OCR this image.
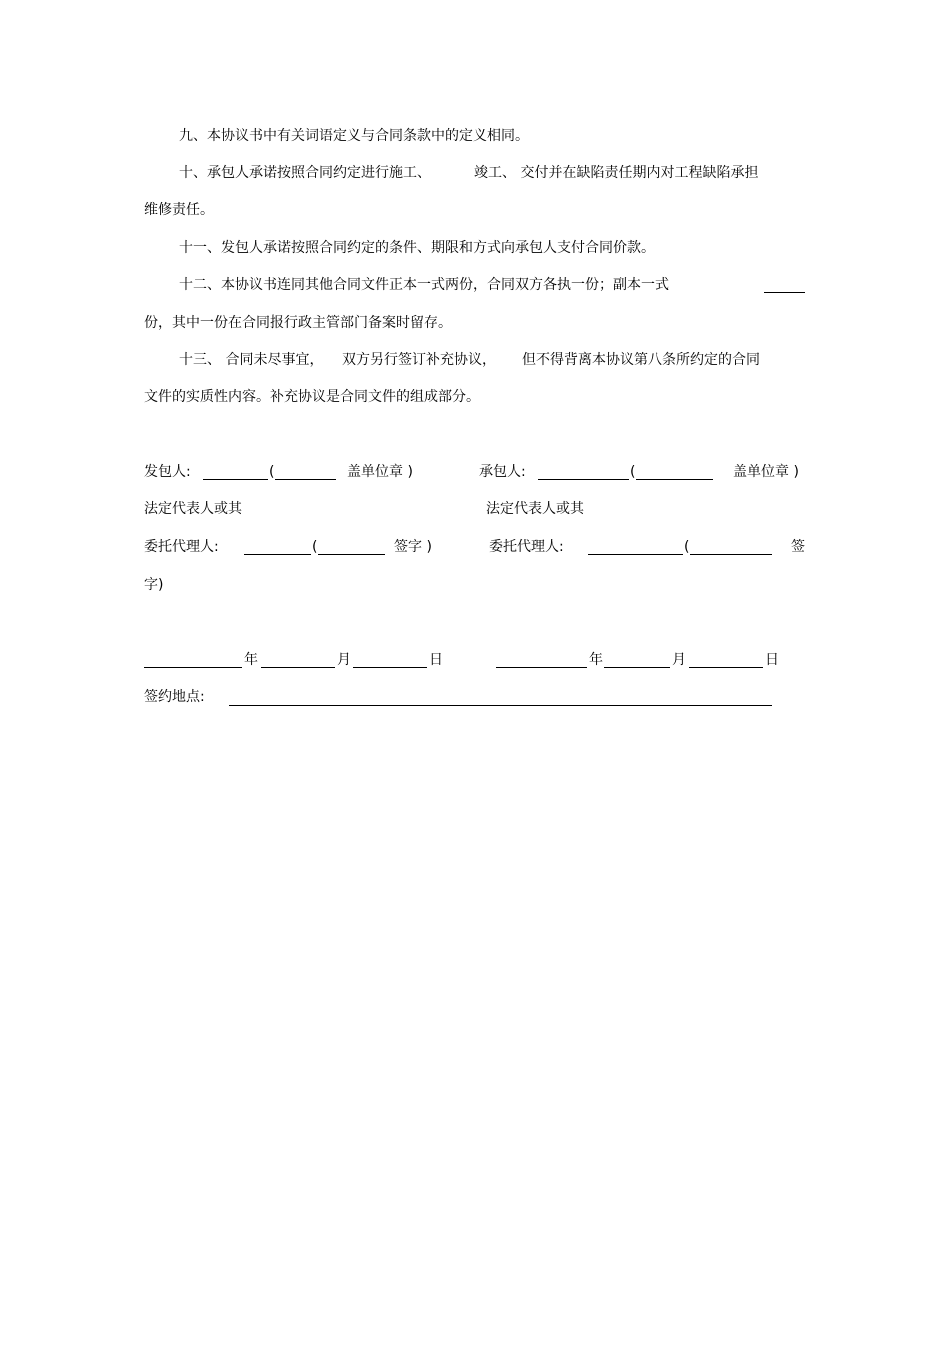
九、本协议书中有关词语定义与合同条款中的定义相同。
十、承包人承诺按照合同约定进行施工、	竣工、 交付并在缺陷责任期内对工程缺陷承担
维修责任。
十一、发包人承诺按照合同约定的条件、期限和方式向承包人支付合同价款。
十二、本协议书连同其他合同文件正本一式两份，合同双方各执一份；副本一式
份，其中一份在合同报行政主管部门备案时留存。
十三、 合同未尽事宜， 双方另行签订补充协议， 但不得背离本协议第八条所约定的合同
文件的实质性内容。补充协议是合同文件的组成部分。
发包人:	(	盖单位章 )	承包人:	(	盖单位章 )
法定代表人或其	法定代表人或其
委托代理人:	(	签字 )	委托代理人:	(	签
字)
年	月	日	年	月	日
签约地点:
